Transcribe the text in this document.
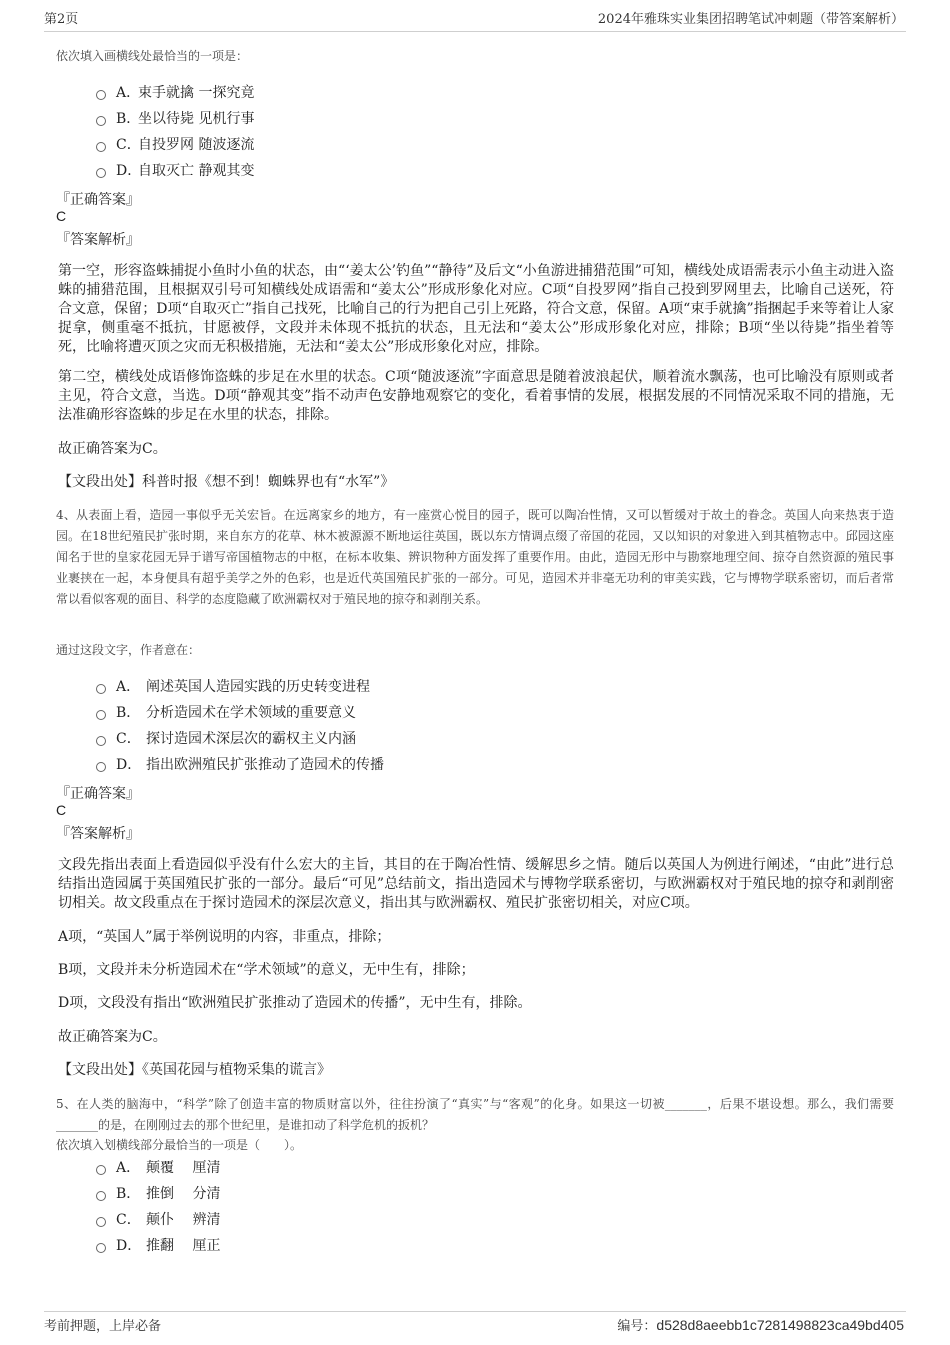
第2页	2024年雅珠实业集团招聘笔试冲刺题（带答案解析）
依次填入画横线处最恰当的一项是：
A．
束手就擒 一探究竟
B．
坐以待毙 见机行事
C．
自投罗网 随波逐流
D．
自取灭亡 静观其变
『正确答案』
C
『答案解析』
第一空，形容盗蛛捕捉小鱼时小鱼的状态，由“‘姜太公’钓鱼”“静待”及后文“小鱼游进捕猎范围”可知，横线处成语需表示小鱼主动进入盗蛛的捕猎范围，且根据双引号可知横线处成语需和“姜太公”形成形象化对应。C项“自投罗网”指自己投到罗网里去，比喻自己送死，符合文意，保留；D项“自取灭亡”指自己找死，比喻自己的行为把自己引上死路，符合文意，保留。A项“束手就擒”指捆起手来等着让人家捉拿，侧重毫不抵抗，甘愿被俘，文段并未体现不抵抗的状态，且无法和“姜太公”形成形象化对应，排除；B项“坐以待毙”指坐着等死，比喻将遭灭顶之灾而无积极措施，无法和“姜太公”形成形象化对应，排除。
第二空，横线处成语修饰盗蛛的步足在水里的状态。C项“随波逐流”字面意思是随着波浪起伏，顺着流水飘荡，也可比喻没有原则或者主见，符合文意，当选。D项“静观其变”指不动声色安静地观察它的变化，看着事情的发展，根据发展的不同情况采取不同的措施，无法准确形容盗蛛的步足在水里的状态，排除。
故正确答案为C。
【文段出处】科普时报《想不到！蜘蛛界也有“水军”》
4、从表面上看，造园一事似乎无关宏旨。在远离家乡的地方，有一座赏心悦目的园子，既可以陶冶性情，又可以暂缓对于故土的眷念。英国人向来热衷于造园。在18世纪殖民扩张时期，来自东方的花草、林木被源源不断地运往英国，既以东方情调点缀了帝国的花园，又以知识的对象进入到其植物志中。邱园这座闻名于世的皇家花园无异于谱写帝国植物志的中枢，在标本收集、辨识物种方面发挥了重要作用。由此，造园无形中与勘察地理空间、掠夺自然资源的殖民事业裹挟在一起，本身便具有超乎美学之外的色彩，也是近代英国殖民扩张的一部分。可见，造园术并非毫无功利的审美实践，它与博物学联系密切，而后者常常以看似客观的面目、科学的态度隐藏了欧洲霸权对于殖民地的掠夺和剥削关系。
通过这段文字，作者意在：
A． 阐述英国人造园实践的历史转变进程
B． 分析造园术在学术领域的重要意义
C． 探讨造园术深层次的霸权主义内涵
D． 指出欧洲殖民扩张推动了造园术的传播
『正确答案』
C
『答案解析』
文段先指出表面上看造园似乎没有什么宏大的主旨，其目的在于陶冶性情、缓解思乡之情。随后以英国人为例进行阐述，“由此”进行总结指出造园属于英国殖民扩张的一部分。最后“可见”总结前文，指出造园术与博物学联系密切，与欧洲霸权对于殖民地的掠夺和剥削密切相关。故文段重点在于探讨造园术的深层次意义，指出其与欧洲霸权、殖民扩张密切相关，对应C项。
A项，“英国人”属于举例说明的内容，非重点，排除；
B项，文段并未分析造园术在“学术领域”的意义，无中生有，排除；
D项，文段没有指出“欧洲殖民扩张推动了造园术的传播”，无中生有，排除。
故正确答案为C。
【文段出处】《英国花园与植物采集的谎言》
5、在人类的脑海中，“科学”除了创造丰富的物质财富以外，往往扮演了“真实”与“客观”的化身。如果这一切被_______，后果不堪设想。那么，我们需要_______的是，在刚刚过去的那个世纪里，是谁扣动了科学危机的扳机？
依次填入划横线部分最恰当的一项是（　　）。
A． 颠覆　 厘清
B． 推倒　 分清
C． 颠仆　 辨清
D． 推翻　 厘正
考前押题，上岸必备	编号：d528d8aeebb1c7281498823ca49bd405
